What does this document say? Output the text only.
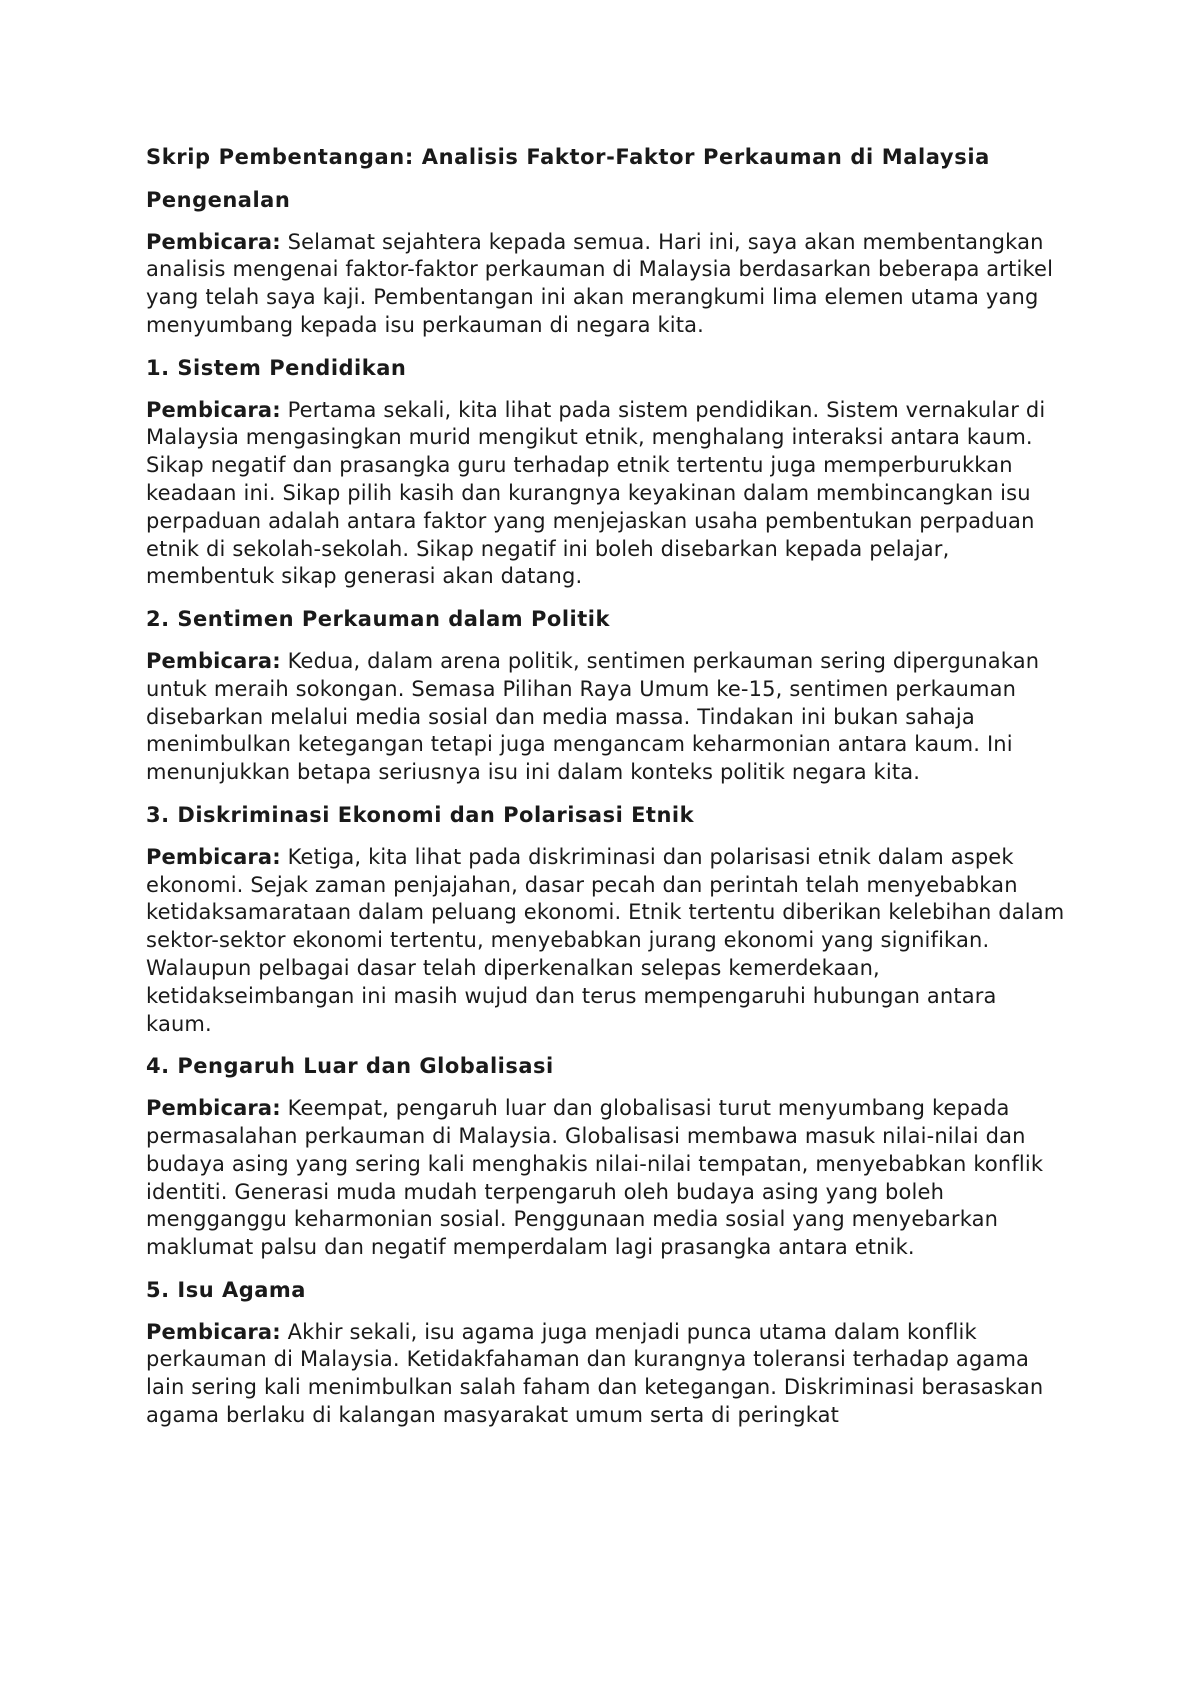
Skrip Pembentangan: Analisis Faktor-Faktor Perkauman di Malaysia
Pengenalan

Pembicara: Selamat sejahtera kepada semua. Hari ini, saya akan membentangkan analisis mengenai faktor-faktor perkauman di Malaysia berdasarkan beberapa artikel yang telah saya kaji. Pembentangan ini akan merangkumi lima elemen utama yang menyumbang kepada isu perkauman di negara kita.

1. Sistem Pendidikan

Pembicara: Pertama sekali, kita lihat pada sistem pendidikan. Sistem vernakular di Malaysia mengasingkan murid mengikut etnik, menghalang interaksi antara kaum. Sikap negatif dan prasangka guru terhadap etnik tertentu juga memperburukkan keadaan ini. Sikap pilih kasih dan kurangnya keyakinan dalam membincangkan isu perpaduan adalah antara faktor yang menjejaskan usaha pembentukan perpaduan etnik di sekolah-sekolah. Sikap negatif ini boleh disebarkan kepada pelajar, membentuk sikap generasi akan datang.

2. Sentimen Perkauman dalam Politik

Pembicara: Kedua, dalam arena politik, sentimen perkauman sering dipergunakan untuk meraih sokongan. Semasa Pilihan Raya Umum ke-15, sentimen perkauman disebarkan melalui media sosial dan media massa. Tindakan ini bukan sahaja menimbulkan ketegangan tetapi juga mengancam keharmonian antara kaum. Ini menunjukkan betapa seriusnya isu ini dalam konteks politik negara kita.

3. Diskriminasi Ekonomi dan Polarisasi Etnik

Pembicara: Ketiga, kita lihat pada diskriminasi dan polarisasi etnik dalam aspek ekonomi. Sejak zaman penjajahan, dasar pecah dan perintah telah menyebabkan ketidaksamarataan dalam peluang ekonomi. Etnik tertentu diberikan kelebihan dalam sektor-sektor ekonomi tertentu, menyebabkan jurang ekonomi yang signifikan. Walaupun pelbagai dasar telah diperkenalkan selepas kemerdekaan, ketidakseimbangan ini masih wujud dan terus mempengaruhi hubungan antara kaum.

4. Pengaruh Luar dan Globalisasi

Pembicara: Keempat, pengaruh luar dan globalisasi turut menyumbang kepada permasalahan perkauman di Malaysia. Globalisasi membawa masuk nilai-nilai dan budaya asing yang sering kali menghakis nilai-nilai tempatan, menyebabkan konflik identiti. Generasi muda mudah terpengaruh oleh budaya asing yang boleh mengganggu keharmonian sosial. Penggunaan media sosial yang menyebarkan maklumat palsu dan negatif memperdalam lagi prasangka antara etnik.

5. Isu Agama

Pembicara: Akhir sekali, isu agama juga menjadi punca utama dalam konflik perkauman di Malaysia. Ketidakfahaman dan kurangnya toleransi terhadap agama lain sering kali menimbulkan salah faham dan ketegangan. Diskriminasi berasaskan agama berlaku di kalangan masyarakat umum serta di peringkat
